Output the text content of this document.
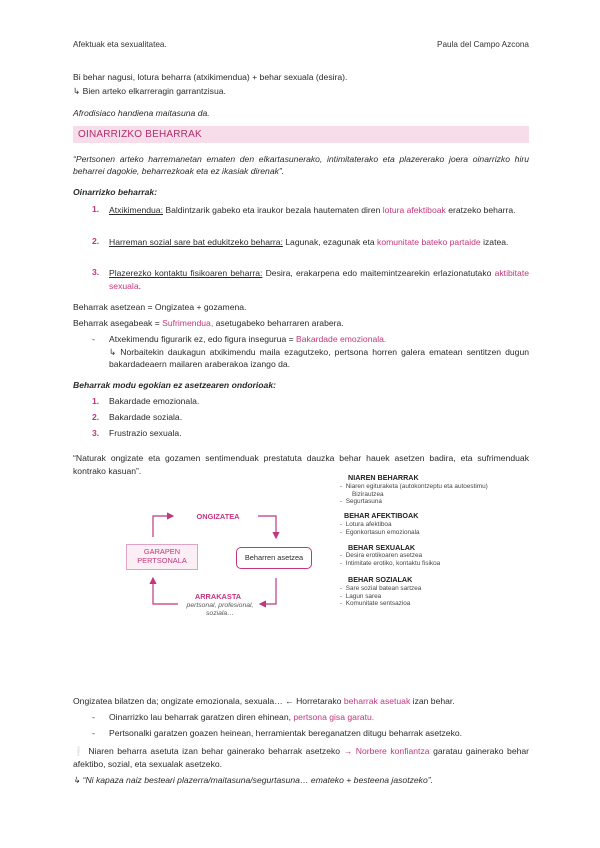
Afektuak eta sexualitatea.	Paula del Campo Azcona
Bi behar nagusi, lotura beharra (atxikimendua) + behar sexuala (desira).
↳ Bien arteko elkarreragin garrantzisua.
Afrodisiaco handiena maitasuna da.
OINARRIZKO BEHARRAK
“Pertsonen arteko harremanetan ematen den elkartasunerako, intimitaterako eta plazererako joera oinarrizko hiru beharrei dagokie, beharrezkoak eta ez ikasiak direnak”.
Oinarrizko beharrak:
1. Atxikimendua: Baldintzarik gabeko eta iraukor bezala hautematen diren lotura afektiboak eratzeko beharra.
2. Harreman sozial sare bat edukitzeko beharra: Lagunak, ezagunak eta komunitate bateko partaide izatea.
3. Plazerezko kontaktu fisikoaren beharra: Desira, erakarpena edo maitemintzearekin erlazionatutako aktibitate sexuala.
Beharrak asetzean = Ongizatea + gozamena.
Beharrak asegabeak = Sufrimendua, asetugabeko beharraren arabera.
- Atxekimendu figurarik ez, edo figura insegurua = Bakardade emozionala.
↳ Norbaitekin daukagun atxikimendu maila ezagutzeko, pertsona horren galera ematean sentitzen dugun bakardadeaern mailaren araberakoa izango da.
Beharrak modu egokian ez asetzearen ondorioak:
1. Bakardade emozionala.
2. Bakardade soziala.
3. Frustrazio sexuala.
“Naturak ongizate eta gozamen sentimenduak prestatuta dauzka behar hauek asetzen badira, eta sufrimenduak kontrako kasuan”.
ONGIZATEA
GARAPEN
PERTSONALA	Beharren asetzea
ARRAKASTA
pertsonal, profesional,
soziala…
NIAREN BEHARRAK
-  Niaren egituraketa (autokontzeptu eta autoestimu)
Bizirautzea
-  Segurtasuna
BEHAR AFEKTIBOAK
-  Lotura afektiboa
-  Egonkortasun emozionala
BEHAR SEXUALAK
-  Desira erotikoaren asetzea
-  Intimitate erotiko, kontaktu fisikoa
BEHAR SOZIALAK
-  Sare sozial batean sartzea
-  Lagun sarea
-  Komunitate sentsazioa
Ongizatea bilatzen da; ongizate emozionala, sexuala… ← Horretarako beharrak asetuak izan behar.
- Oinarrizko lau beharrak garatzen diren ehinean, pertsona gisa garatu.
- Pertsonalki garatzen goazen heinean, herramientak bereganatzen ditugu beharrak asetzeko.
❕ Niaren beharra asetuta izan behar gainerako beharrak asetzeko → Norbere konfiantza garatau gainerako behar afektibo, sozial, eta sexualak asetzeko.
↳ “Ni kapaza naiz besteari plazerra/maitasuna/segurtasuna… emateko + besteena jasotzeko”.
